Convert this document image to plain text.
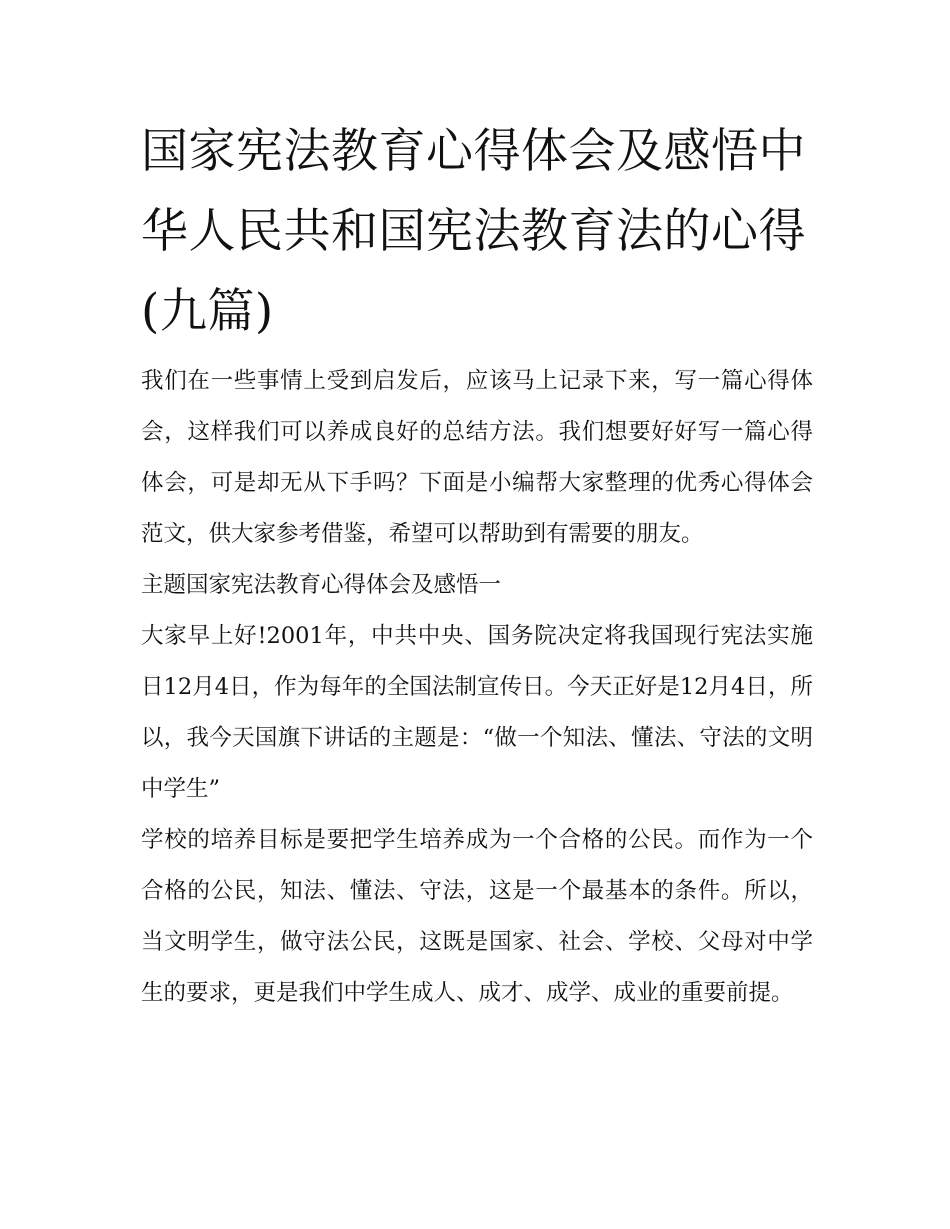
国家宪法教育心得体会及感悟中华人民共和国宪法教育法的心得(九篇)

我们在一些事情上受到启发后，应该马上记录下来，写一篇心得体会，这样我们可以养成良好的总结方法。我们想要好好写一篇心得体会，可是却无从下手吗？下面是小编帮大家整理的优秀心得体会范文，供大家参考借鉴，希望可以帮助到有需要的朋友。

主题国家宪法教育心得体会及感悟一

大家早上好!2001年，中共中央、国务院决定将我国现行宪法实施日12月4日，作为每年的全国法制宣传日。今天正好是12月4日，所以，我今天国旗下讲话的主题是：“做一个知法、懂法、守法的文明中学生”

学校的培养目标是要把学生培养成为一个合格的公民。而作为一个合格的公民，知法、懂法、守法，这是一个最基本的条件。所以，当文明学生，做守法公民，这既是国家、社会、学校、父母对中学生的要求，更是我们中学生成人、成才、成学、成业的重要前提。
